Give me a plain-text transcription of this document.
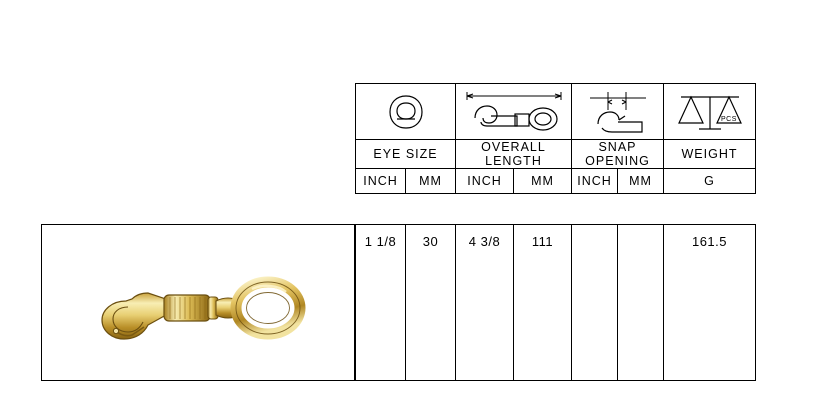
PCS

EYE SIZE		OVERALL LENGTH		SNAP OPENING		WEIGHT
INCH	MM	INCH	MM	INCH	MM	G
1 1/8	30	4 3/8	111			161.5
